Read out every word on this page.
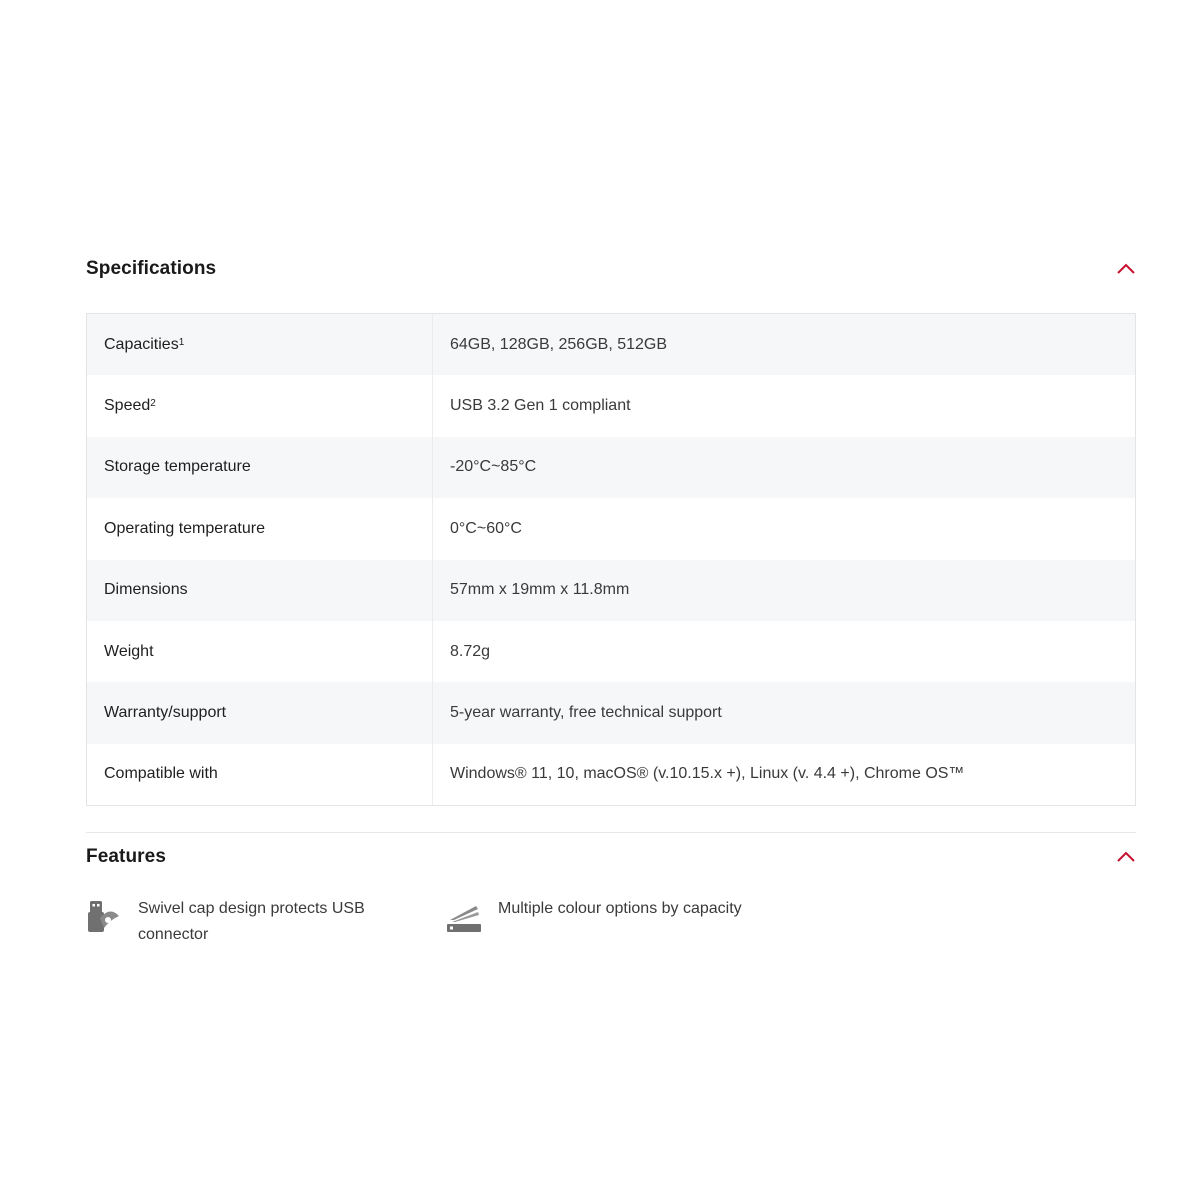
Specifications
Capacities$^1$	64GB, 128GB, 256GB, 512GB
Speed$^2$	USB 3.2 Gen 1 compliant
Storage temperature	-20°C~85°C
Operating temperature	0°C~60°C
Dimensions	57mm x 19mm x 11.8mm
Weight	8.72g
Warranty/support	5-year warranty, free technical support
Compatible with	Windows® 11, 10, macOS® (v.10.15.x +), Linux (v. 4.4 +), Chrome OS™
Features
Swivel cap design protects USB connector
Multiple colour options by capacity
